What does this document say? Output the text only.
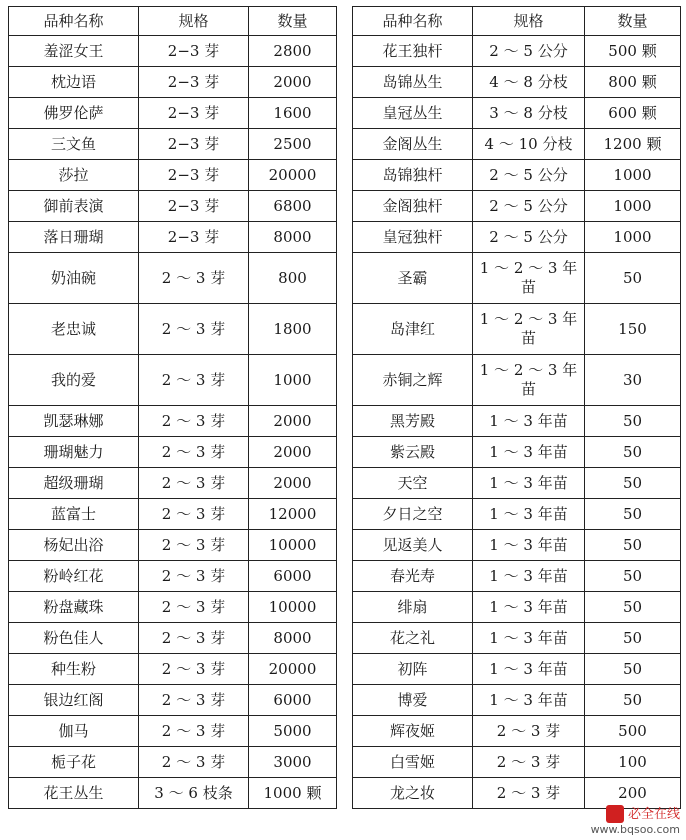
品种名称	规格	数量		品种名称	规格	数量
羞涩女王	2−3 芽	2800		花王独杆	2 ～ 5 公分	500 颗
枕边语	2−3 芽	2000		岛锦丛生	4 ～ 8 分枝	800 颗
佛罗伦萨	2−3 芽	1600		皇冠丛生	3 ～ 8 分枝	600 颗
三文鱼	2−3 芽	2500		金阁丛生	4 ～ 10 分枝	1200 颗
莎拉	2−3 芽	20000		岛锦独杆	2 ～ 5 公分	1000
御前表演	2−3 芽	6800		金阁独杆	2 ～ 5 公分	1000
落日珊瑚	2−3 芽	8000		皇冠独杆	2 ～ 5 公分	1000
奶油碗	2 ～ 3 芽	800		圣霸	1 ～ 2 ～ 3 年苗	50
老忠诚	2 ～ 3 芽	1800		岛津红	1 ～ 2 ～ 3 年苗	150
我的爱	2 ～ 3 芽	1000		赤铜之辉	1 ～ 2 ～ 3 年苗	30
凯瑟琳娜	2 ～ 3 芽	2000		黑芳殿	1 ～ 3 年苗	50
珊瑚魅力	2 ～ 3 芽	2000		紫云殿	1 ～ 3 年苗	50
超级珊瑚	2 ～ 3 芽	2000		天空	1 ～ 3 年苗	50
蓝富士	2 ～ 3 芽	12000		夕日之空	1 ～ 3 年苗	50
杨妃出浴	2 ～ 3 芽	10000		见返美人	1 ～ 3 年苗	50
粉岭红花	2 ～ 3 芽	6000		春光寿	1 ～ 3 年苗	50
粉盘藏珠	2 ～ 3 芽	10000		绯扇	1 ～ 3 年苗	50
粉色佳人	2 ～ 3 芽	8000		花之礼	1 ～ 3 年苗	50
种生粉	2 ～ 3 芽	20000		初阵	1 ～ 3 年苗	50
银边红阁	2 ～ 3 芽	6000		博爱	1 ～ 3 年苗	50
伽马	2 ～ 3 芽	5000		辉夜姬	2 ～ 3 芽	500
栀子花	2 ～ 3 芽	3000		白雪姬	2 ～ 3 芽	100
花王丛生	3 ～ 6 枝条	1000 颗		龙之妆	2 ～ 3 芽	200
必全在线
www.bqsoo.com
